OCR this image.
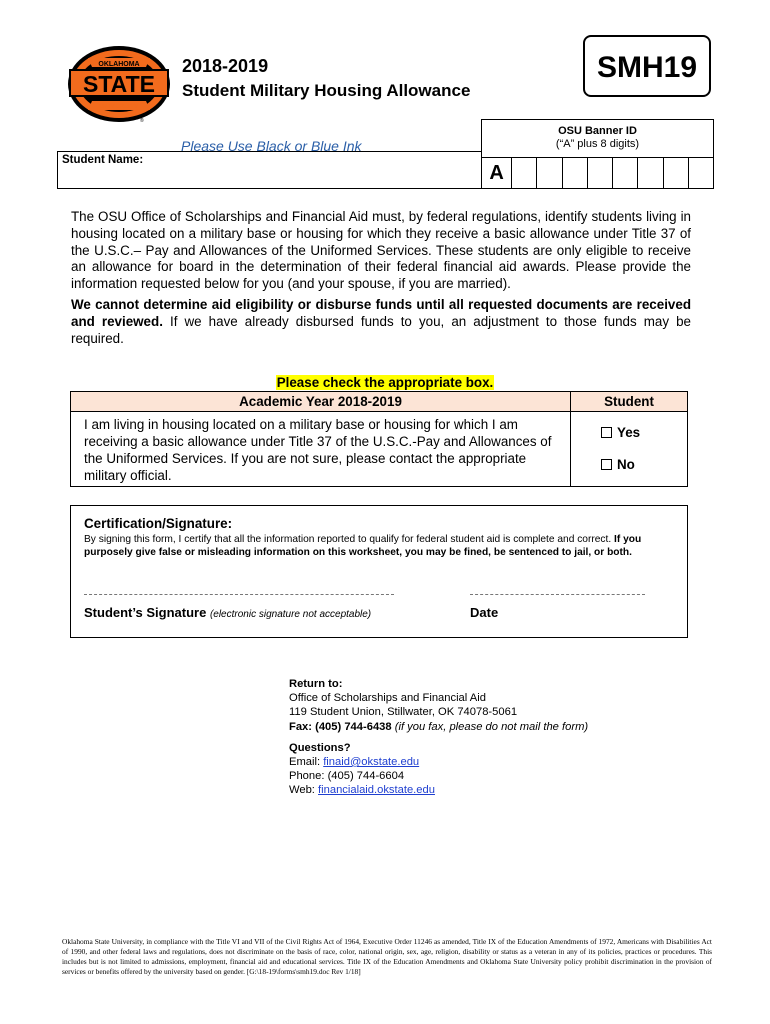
OKLAHOMA
STATE
UNIVERSITY
®
2018-2019
Student Military Housing Allowance
SMH19
Please Use Black or Blue Ink
Student Name:
OSU Banner ID
(“A” plus 8 digits)
A
The OSU Office of Scholarships and Financial Aid must, by federal regulations, identify students living in housing located on a military base or housing for which they receive a basic allowance under Title 37 of the U.S.C.– Pay and Allowances of the Uniformed Services. These students are only eligible to receive an allowance for board in the determination of their federal financial aid awards. Please provide the information requested below for you (and your spouse, if you are married).
We cannot determine aid eligibility or disburse funds until all requested documents are received and reviewed. If we have already disbursed funds to you, an adjustment to those funds may be required.
Please check the appropriate box.
Academic Year 2018-2019	Student
I am living in housing located on a military base or housing for which I am receiving a basic allowance under Title 37 of the U.S.C.-Pay and Allowances of the Uniformed Services. If you are not sure, please contact the appropriate military official.
Yes
No
Certification/Signature:
By signing this form, I certify that all the information reported to qualify for federal student aid is complete and correct. If you purposely give false or misleading information on this worksheet, you may be fined, be sentenced to jail, or both.
Student’s Signature (electronic signature not acceptable)	Date
Return to:
Office of Scholarships and Financial Aid
119 Student Union, Stillwater, OK 74078-5061
Fax: (405) 744-6438 (if you fax, please do not mail the form)
Questions?
Email: finaid@okstate.edu
Phone: (405) 744-6604
Web: financialaid.okstate.edu
Oklahoma State University, in compliance with the Title VI and VII of the Civil Rights Act of 1964, Executive Order 11246 as amended, Title IX of the Education Amendments of 1972, Americans with Disabilities Act of 1990, and other federal laws and regulations, does not discriminate on the basis of race, color, national origin, sex, age, religion, disability or status as a veteran in any of its policies, practices or procedures. This includes but is not limited to admissions, employment, financial aid and educational services. Title IX of the Education Amendments and Oklahoma State University policy prohibit discrimination in the provision of services or benefits offered by the university based on gender. [G:\18-19\forms\smh19.doc Rev 1/18]
